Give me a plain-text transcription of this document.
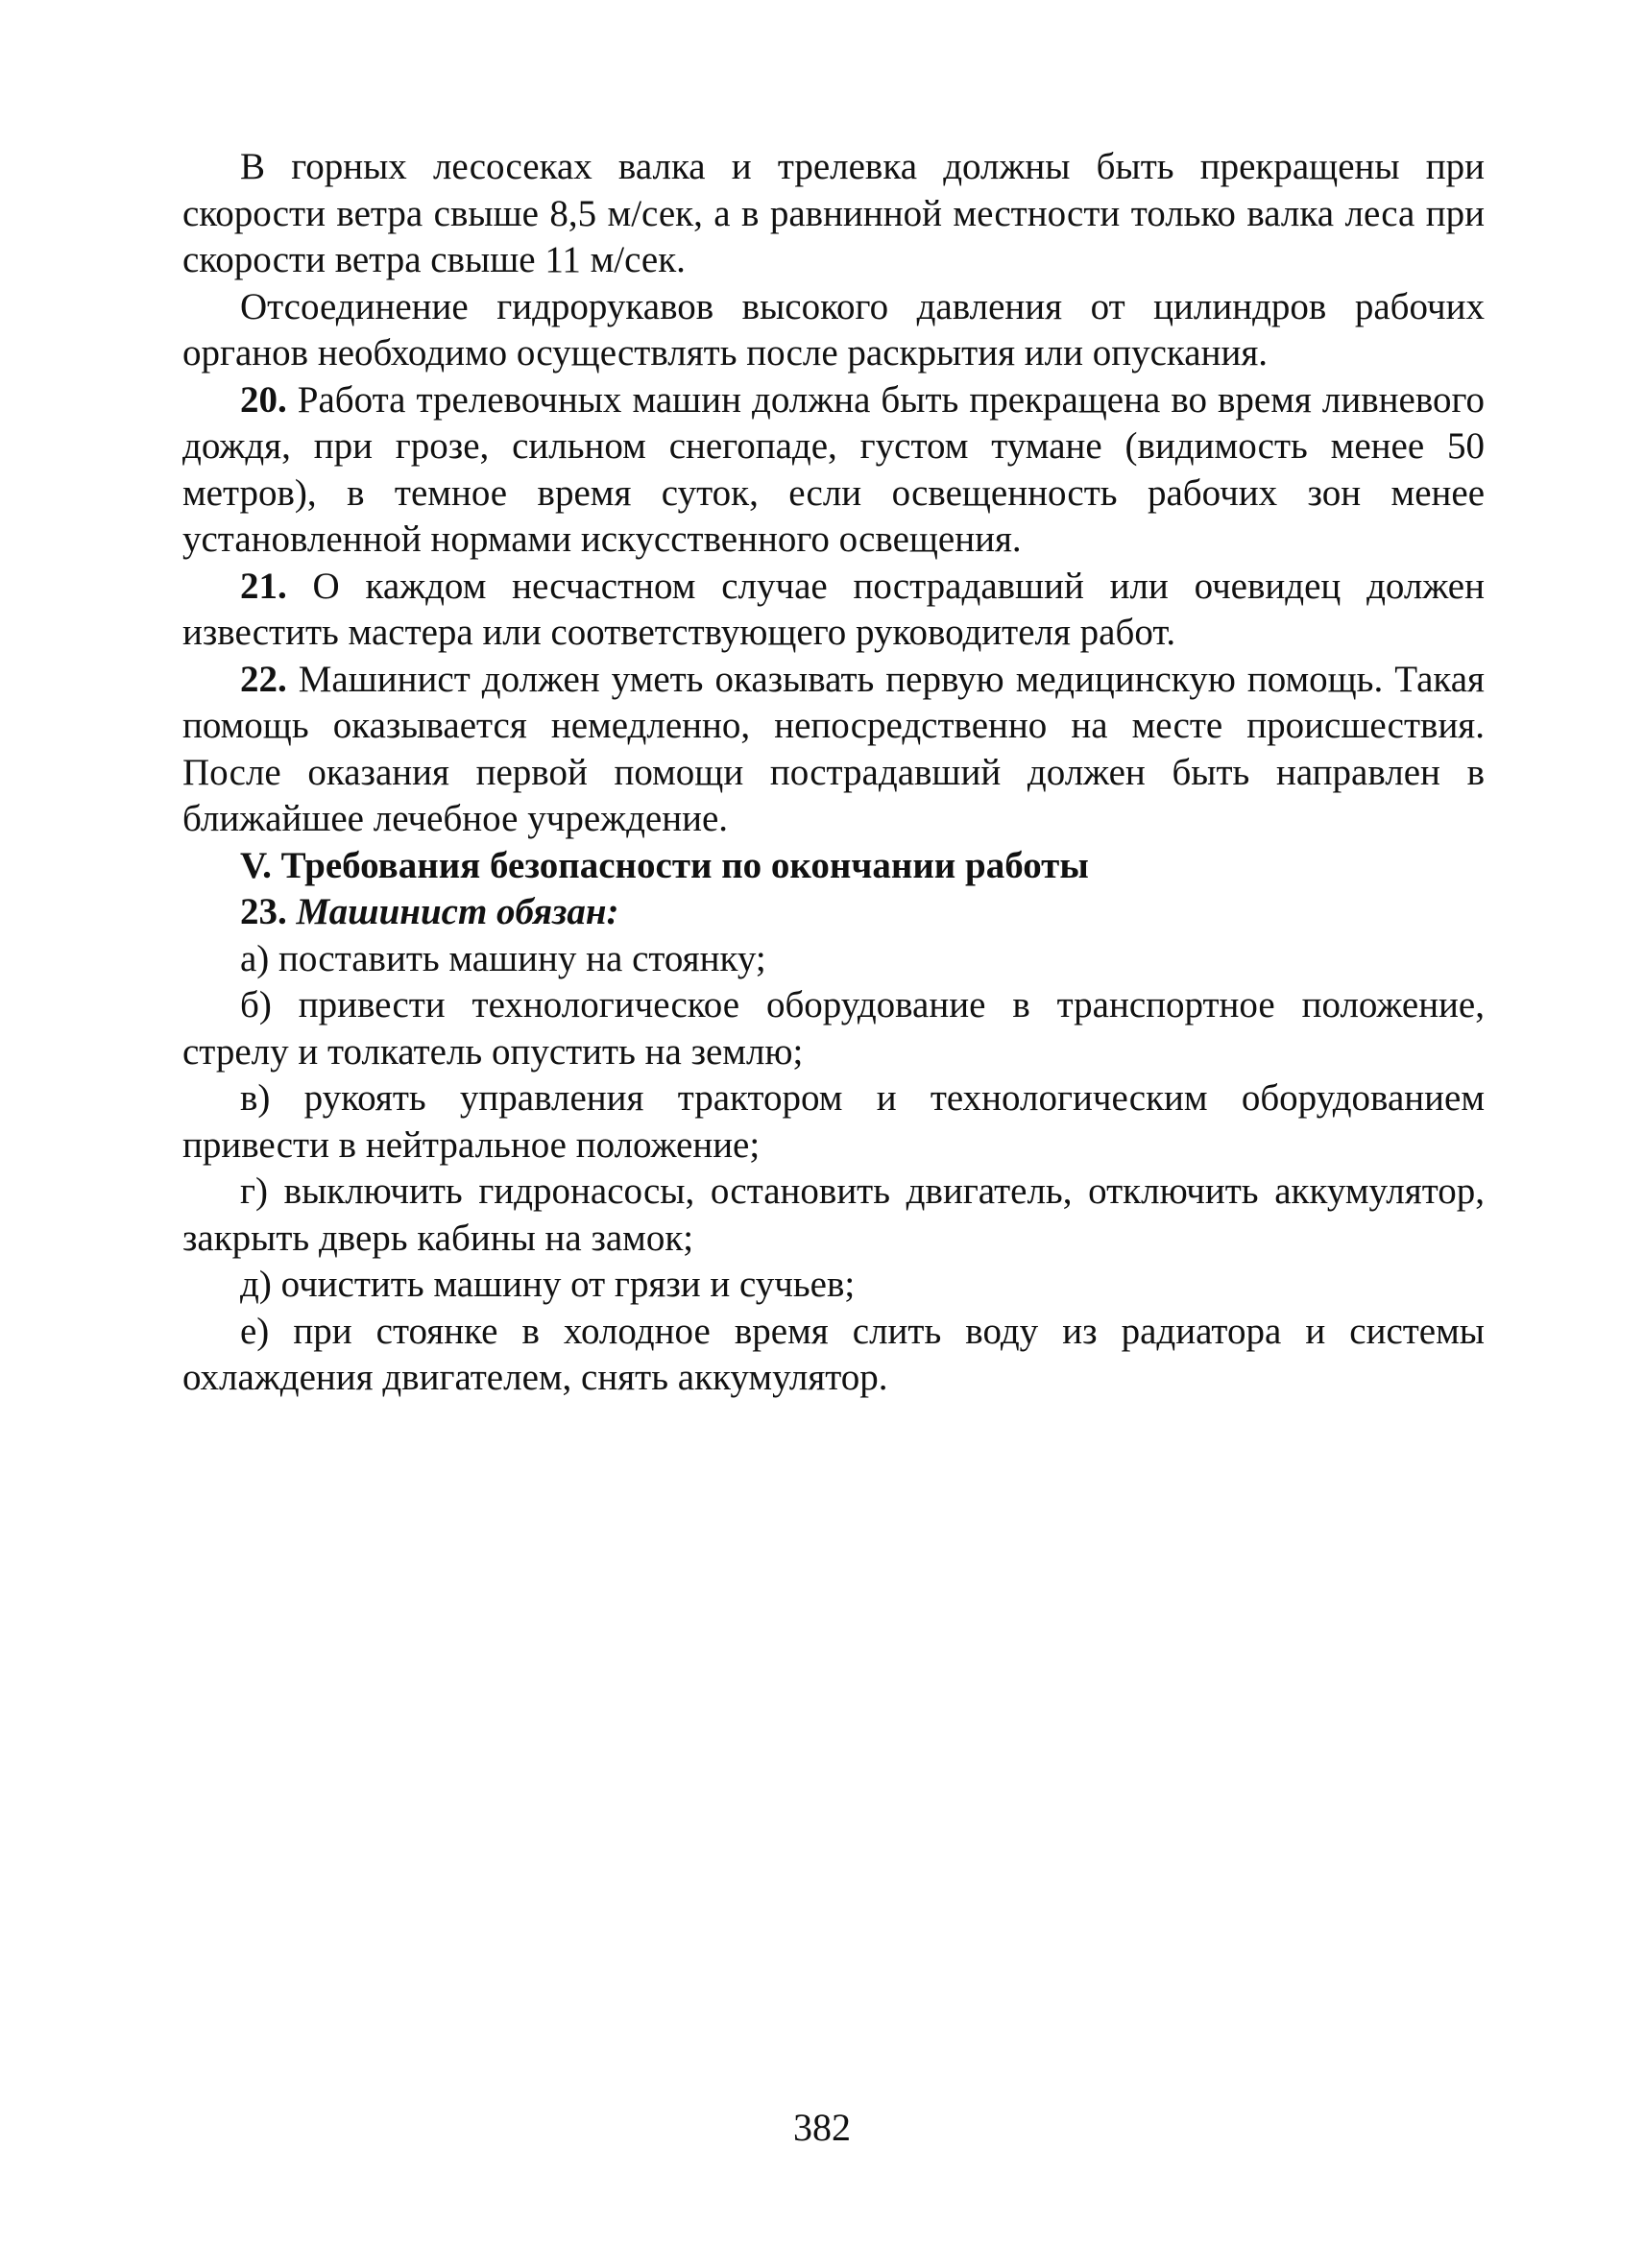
В горных лесосеках валка и трелевка должны быть прекращены при скорости ветра свыше 8,5 м/сек, а в равнинной местности только валка леса при скорости ветра свыше 11 м/сек.

Отсоединение гидрорукавов высокого давления от цилиндров рабочих органов необходимо осуществлять после раскрытия или опускания.

20. Работа трелевочных машин должна быть прекращена во время ливневого дождя, при грозе, сильном снегопаде, густом тумане (видимость менее 50 метров), в темное время суток, если освещенность рабочих зон менее установленной нормами искусственного освещения.

21. О каждом несчастном случае пострадавший или очевидец должен известить мастера или соответствующего руководителя работ.

22. Машинист должен уметь оказывать первую медицинскую помощь. Такая помощь оказывается немедленно, непосредственно на месте происшествия. После оказания первой помощи пострадавший должен быть направлен в ближайшее лечебное учреждение.

V. Требования безопасности по окончании работы

23. Машинист обязан:

а) поставить машину на стоянку;

б) привести технологическое оборудование в транспортное положение, стрелу и толкатель опустить на землю;

в) рукоять управления трактором и технологическим оборудованием привести в нейтральное положение;

г) выключить гидронасосы, остановить двигатель, отключить аккумулятор, закрыть дверь кабины на замок;

д) очистить машину от грязи и сучьев;

е) при стоянке в холодное время слить воду из радиатора и системы охлаждения двигателем, снять аккумулятор.

382
